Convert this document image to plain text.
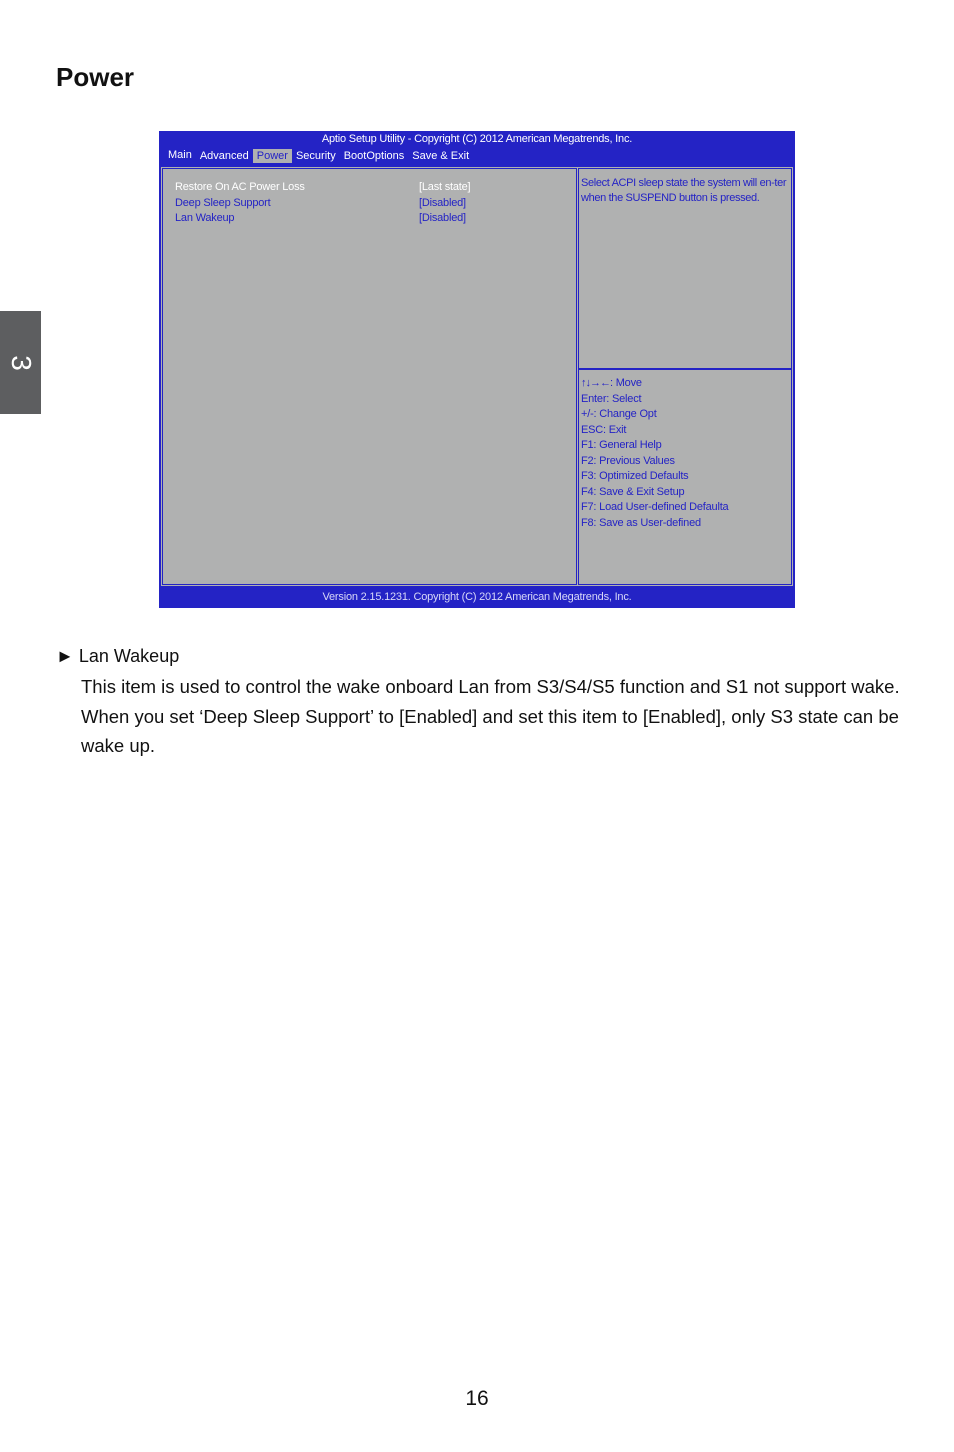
Power
3
Aptio Setup Utility - Copyright (C) 2012 American Megatrends, Inc.
Main Advanced Power Security BootOptions Save & Exit
Restore On AC Power Loss	[Last state]
Deep Sleep Support	[Disabled]
Lan Wakeup	[Disabled]
Select ACPI sleep state the system will en-ter when the SUSPEND button is pressed.
↑↓→←: Move
Enter: Select
+/-: Change Opt
ESC: Exit
F1: General Help
F2: Previous Values
F3: Optimized Defaults
F4: Save & Exit Setup
F7: Load User-defined Defaulta
F8: Save as User-defined
Version 2.15.1231. Copyright (C) 2012 American Megatrends, Inc.
► Lan Wakeup

This item is used to control the wake onboard Lan from S3/S4/S5 function and S1 not support wake. When you set ‘Deep Sleep Support’ to [Enabled] and set this item to [Enabled], only S3 state can be wake up.

16
